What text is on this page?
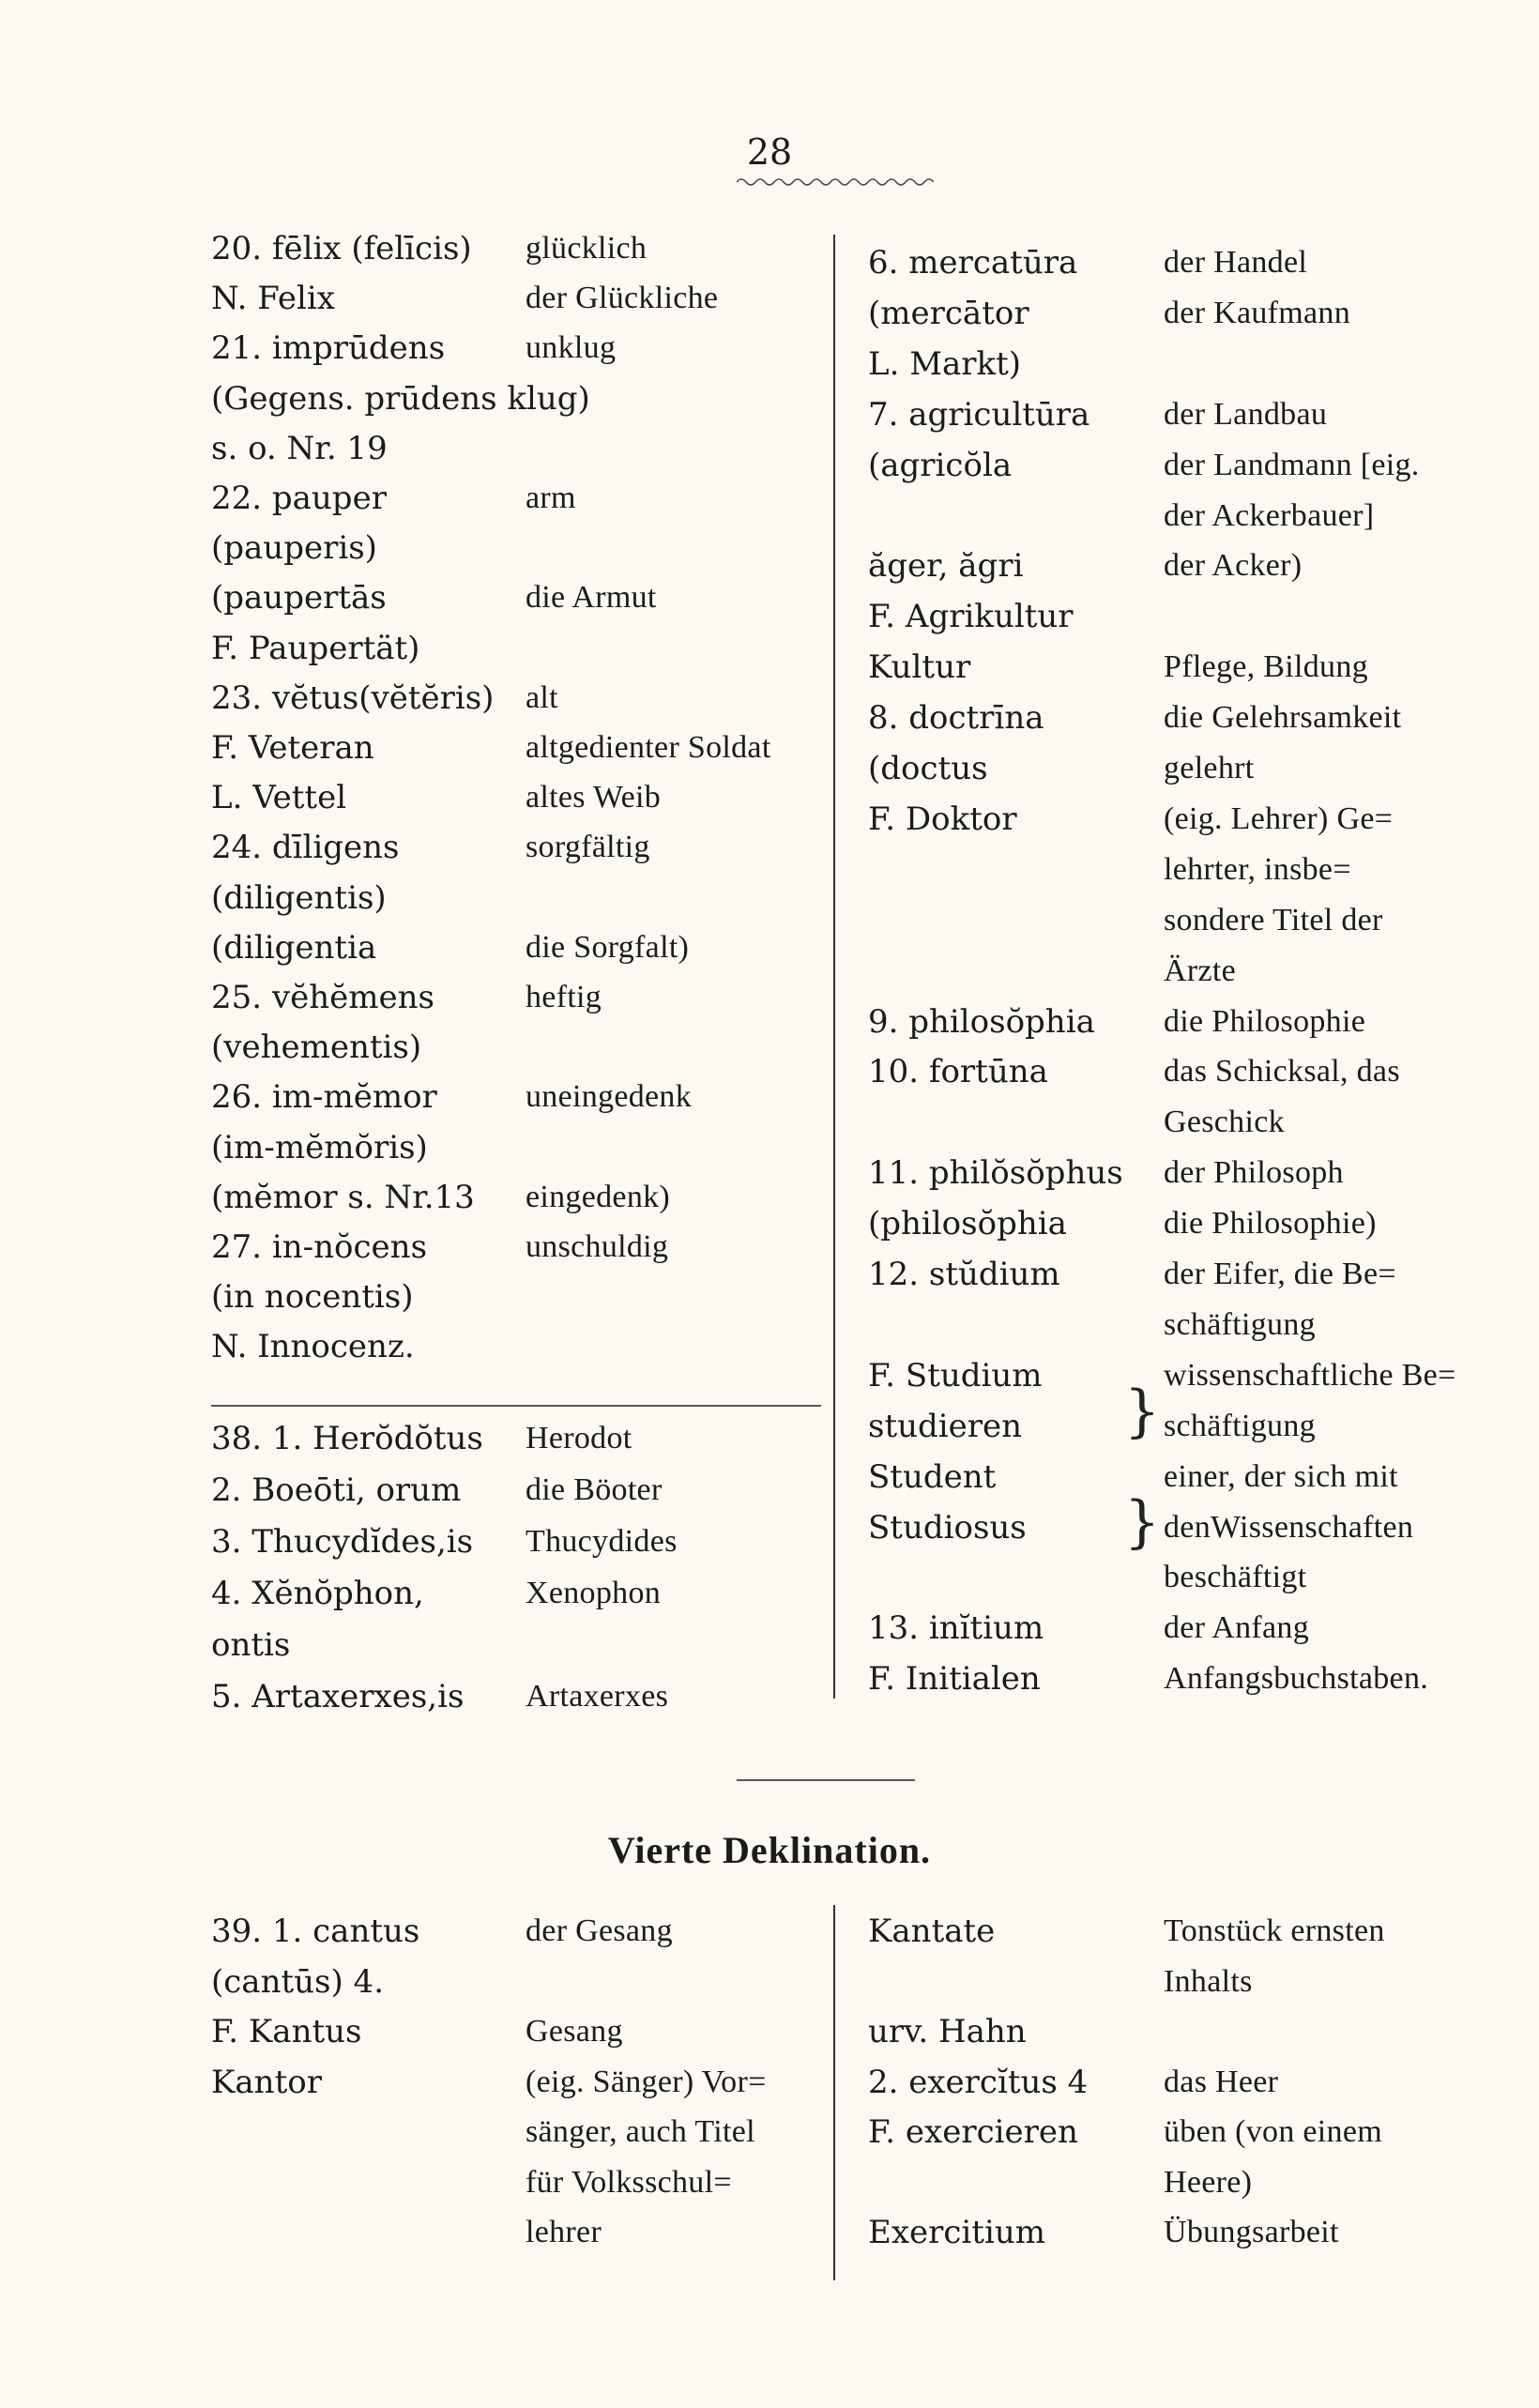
28
20. fēlix (felīcis) glücklich
N. Felix	der Glückliche
21. imprūdens	unklug
(Gegens. prūdens klug)
s. o. Nr. 19
22. pauper	arm
(pauperis)
(paupertās	die Armut
F. Paupertät)
23. vĕtus(vĕtĕris) alt
F. Veteran	altgedienter Soldat
L. Vettel	altes Weib
24. dīligens	sorgfältig
(diligentis)
(diligentia	die Sorgfalt)
25. vĕhĕmens	heftig
(vehementis)
26. im-mĕmor	uneingedenk
(im-mĕmŏris)
(mĕmor s. Nr.13 eingedenk)
27. in-nŏcens	unschuldig
(in nocentis)
N. Innocenz.
38. 1. Herŏdŏtus Herodot
2. Boeōti, orum die Böoter
3. Thucydĭdes,is Thucydides
4. Xĕnŏphon,	Xenophon
ontis
5. Artaxerxes,is Artaxerxes
6. mercatūra	der Handel
(mercātor	der Kaufmann
L. Markt)
7. agricultūra der Landbau
(agricŏla	der Landmann [eig.
der Ackerbauer]
ăger, ăgri	der Acker)
F. Agrikultur
Kultur	Pflege, Bildung
8. doctrīna	die Gelehrsamkeit
(doctus	gelehrt
F. Doktor	(eig. Lehrer) Ge=
lehrter, insbe=
sondere Titel der
Ärzte
9. philosŏphia die Philosophie
10. fortūna	das Schicksal, das
Geschick
11. philŏsŏphus der Philosoph
(philosŏphia	die Philosophie)
12. stŭdium	der Eifer, die Be=
schäftigung
F. Studium	wissenschaftliche Be=
studieren	schäftigung
Student	einer, der sich mit
Studiosus	denWissenschaften
beschäftigt
13. inĭtium	der Anfang
F. Initialen	Anfangsbuchstaben.
}
}
Vierte Deklination.
39. 1. cantus	der Gesang
(cantūs) 4.
F. Kantus	Gesang
Kantor	(eig. Sänger) Vor=
sänger, auch Titel
für Volksschul=
lehrer
Kantate	Tonstück ernsten
Inhalts
urv. Hahn
2. exercĭtus 4 das Heer
F. exercieren	üben (von einem
Heere)
Exercitium	Übungsarbeit
